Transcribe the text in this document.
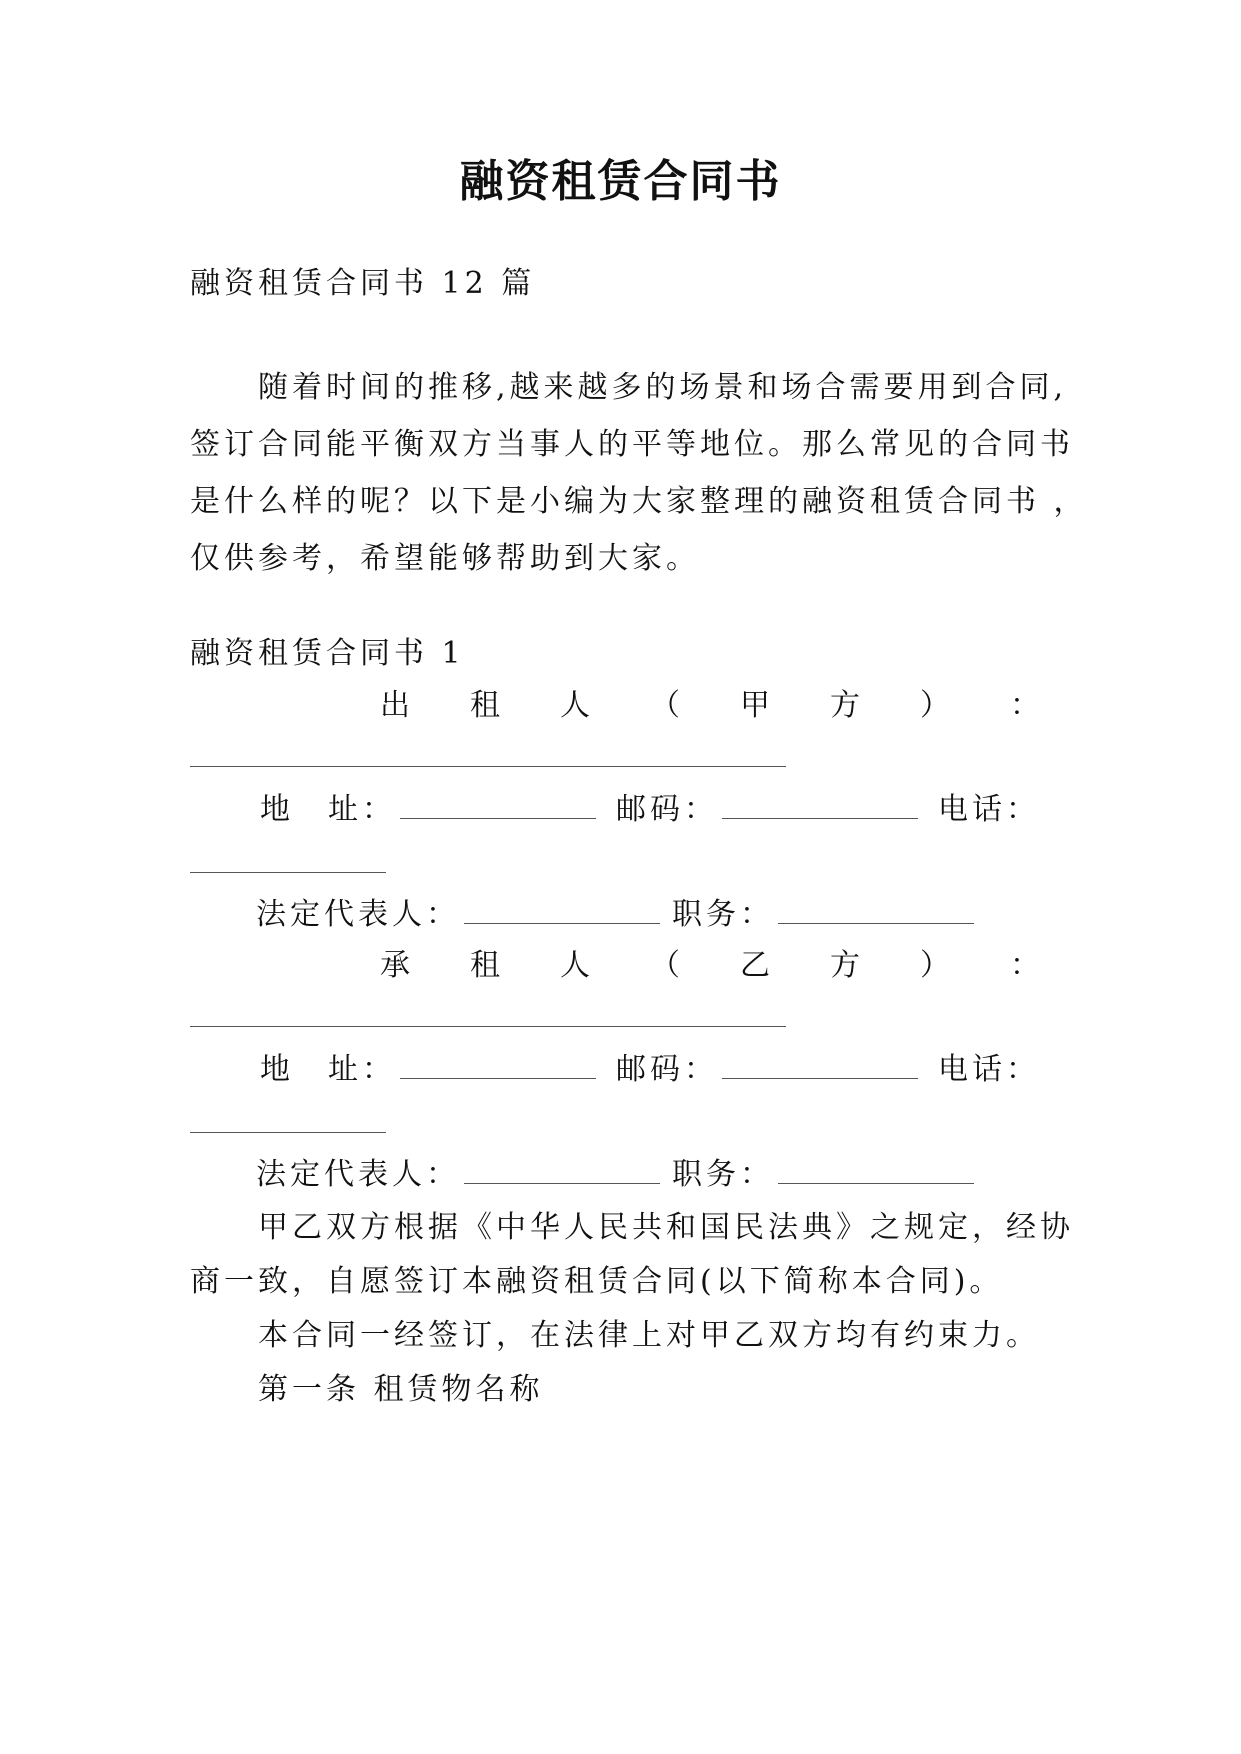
融资租赁合同书
融资租赁合同书 12 篇
随着时间的推移,越来越多的场景和场合需要用到合同,
签订合同能平衡双方当事人的平等地位。那么常见的合同书
是什么样的呢？以下是小编为大家整理的融资租赁合同书 ，
仅供参考，希望能够帮助到大家。
融资租赁合同书 1
出 租 人 （ 甲 方 ） ：
地　址：	邮码：	电话：
法定代表人：	职务：
承 租 人 （ 乙 方 ） ：
地　址：	邮码：	电话：
法定代表人：	职务：
甲乙双方根据《中华人民共和国民法典》之规定，经协
商一致，自愿签订本融资租赁合同(以下简称本合同)。
本合同一经签订，在法律上对甲乙双方均有约束力。
第一条 租赁物名称
